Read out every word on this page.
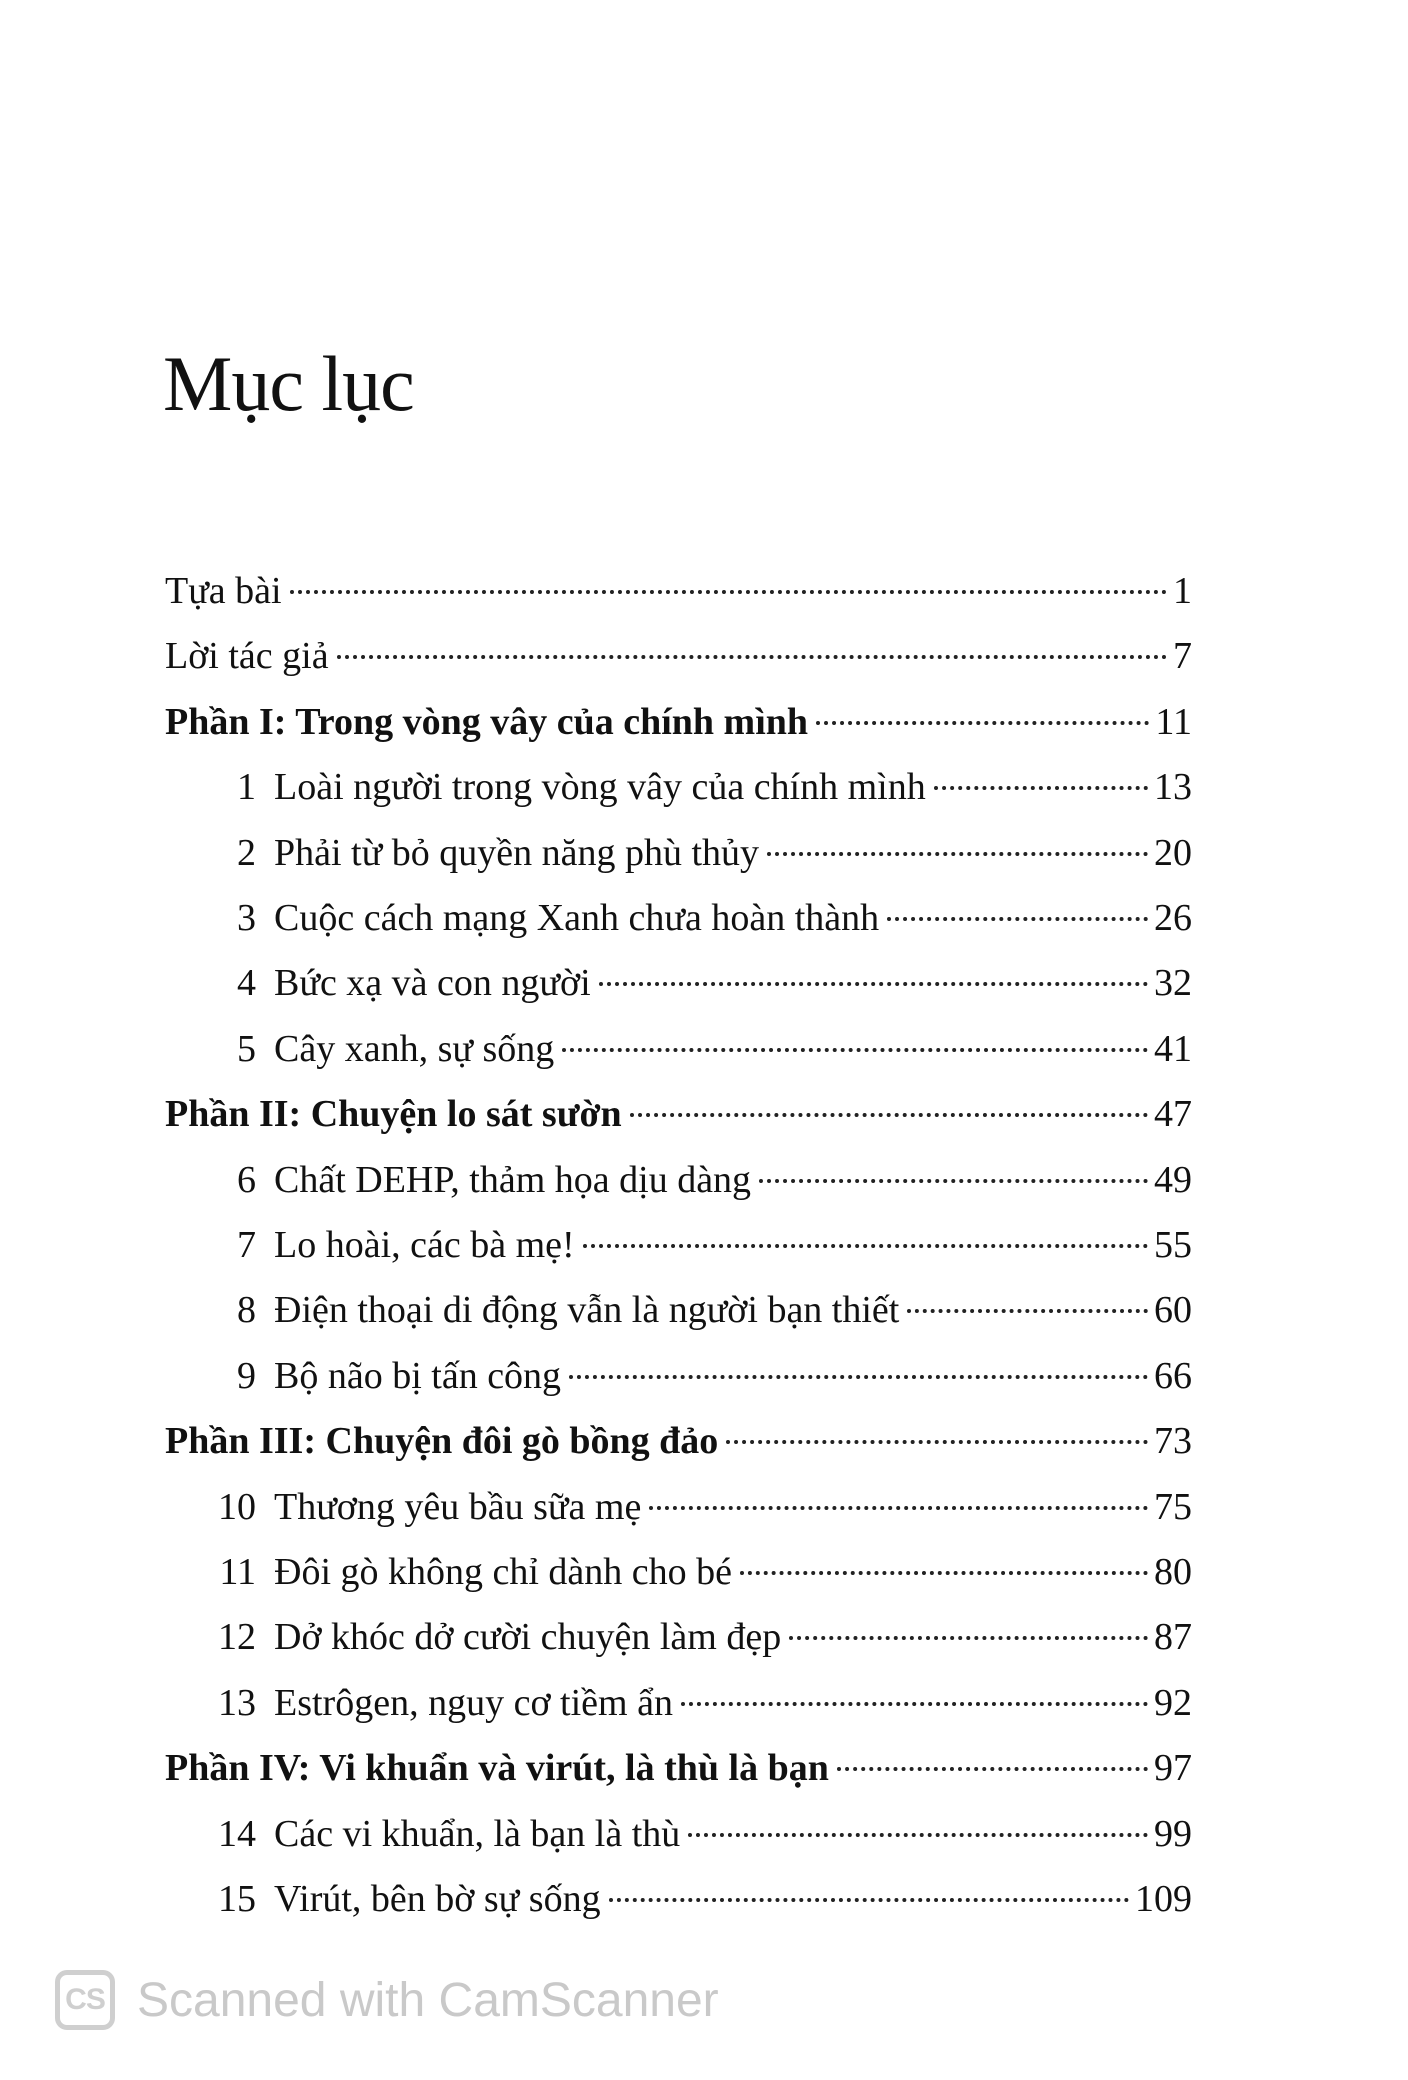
Mục lục
Tựa bài	1
Lời tác giả	7
Phần I: Trong vòng vây của chính mình	11
1 Loài người trong vòng vây của chính mình	13
2 Phải từ bỏ quyền năng phù thủy	20
3 Cuộc cách mạng Xanh chưa hoàn thành	26
4 Bức xạ và con người	32
5 Cây xanh, sự sống	41
Phần II: Chuyện lo sát sườn	47
6 Chất DEHP, thảm họa dịu dàng	49
7 Lo hoài, các bà mẹ!	55
8 Điện thoại di động vẫn là người bạn thiết	60
9 Bộ não bị tấn công	66
Phần III: Chuyện đôi gò bồng đảo	73
10 Thương yêu bầu sữa mẹ	75
11 Đôi gò không chỉ dành cho bé	80
12 Dở khóc dở cười chuyện làm đẹp	87
13 Estrôgen, nguy cơ tiềm ẩn	92
Phần IV: Vi khuẩn và virút, là thù là bạn	97
14 Các vi khuẩn, là bạn là thù	99
15 Virút, bên bờ sự sống	109
CS Scanned with CamScanner
